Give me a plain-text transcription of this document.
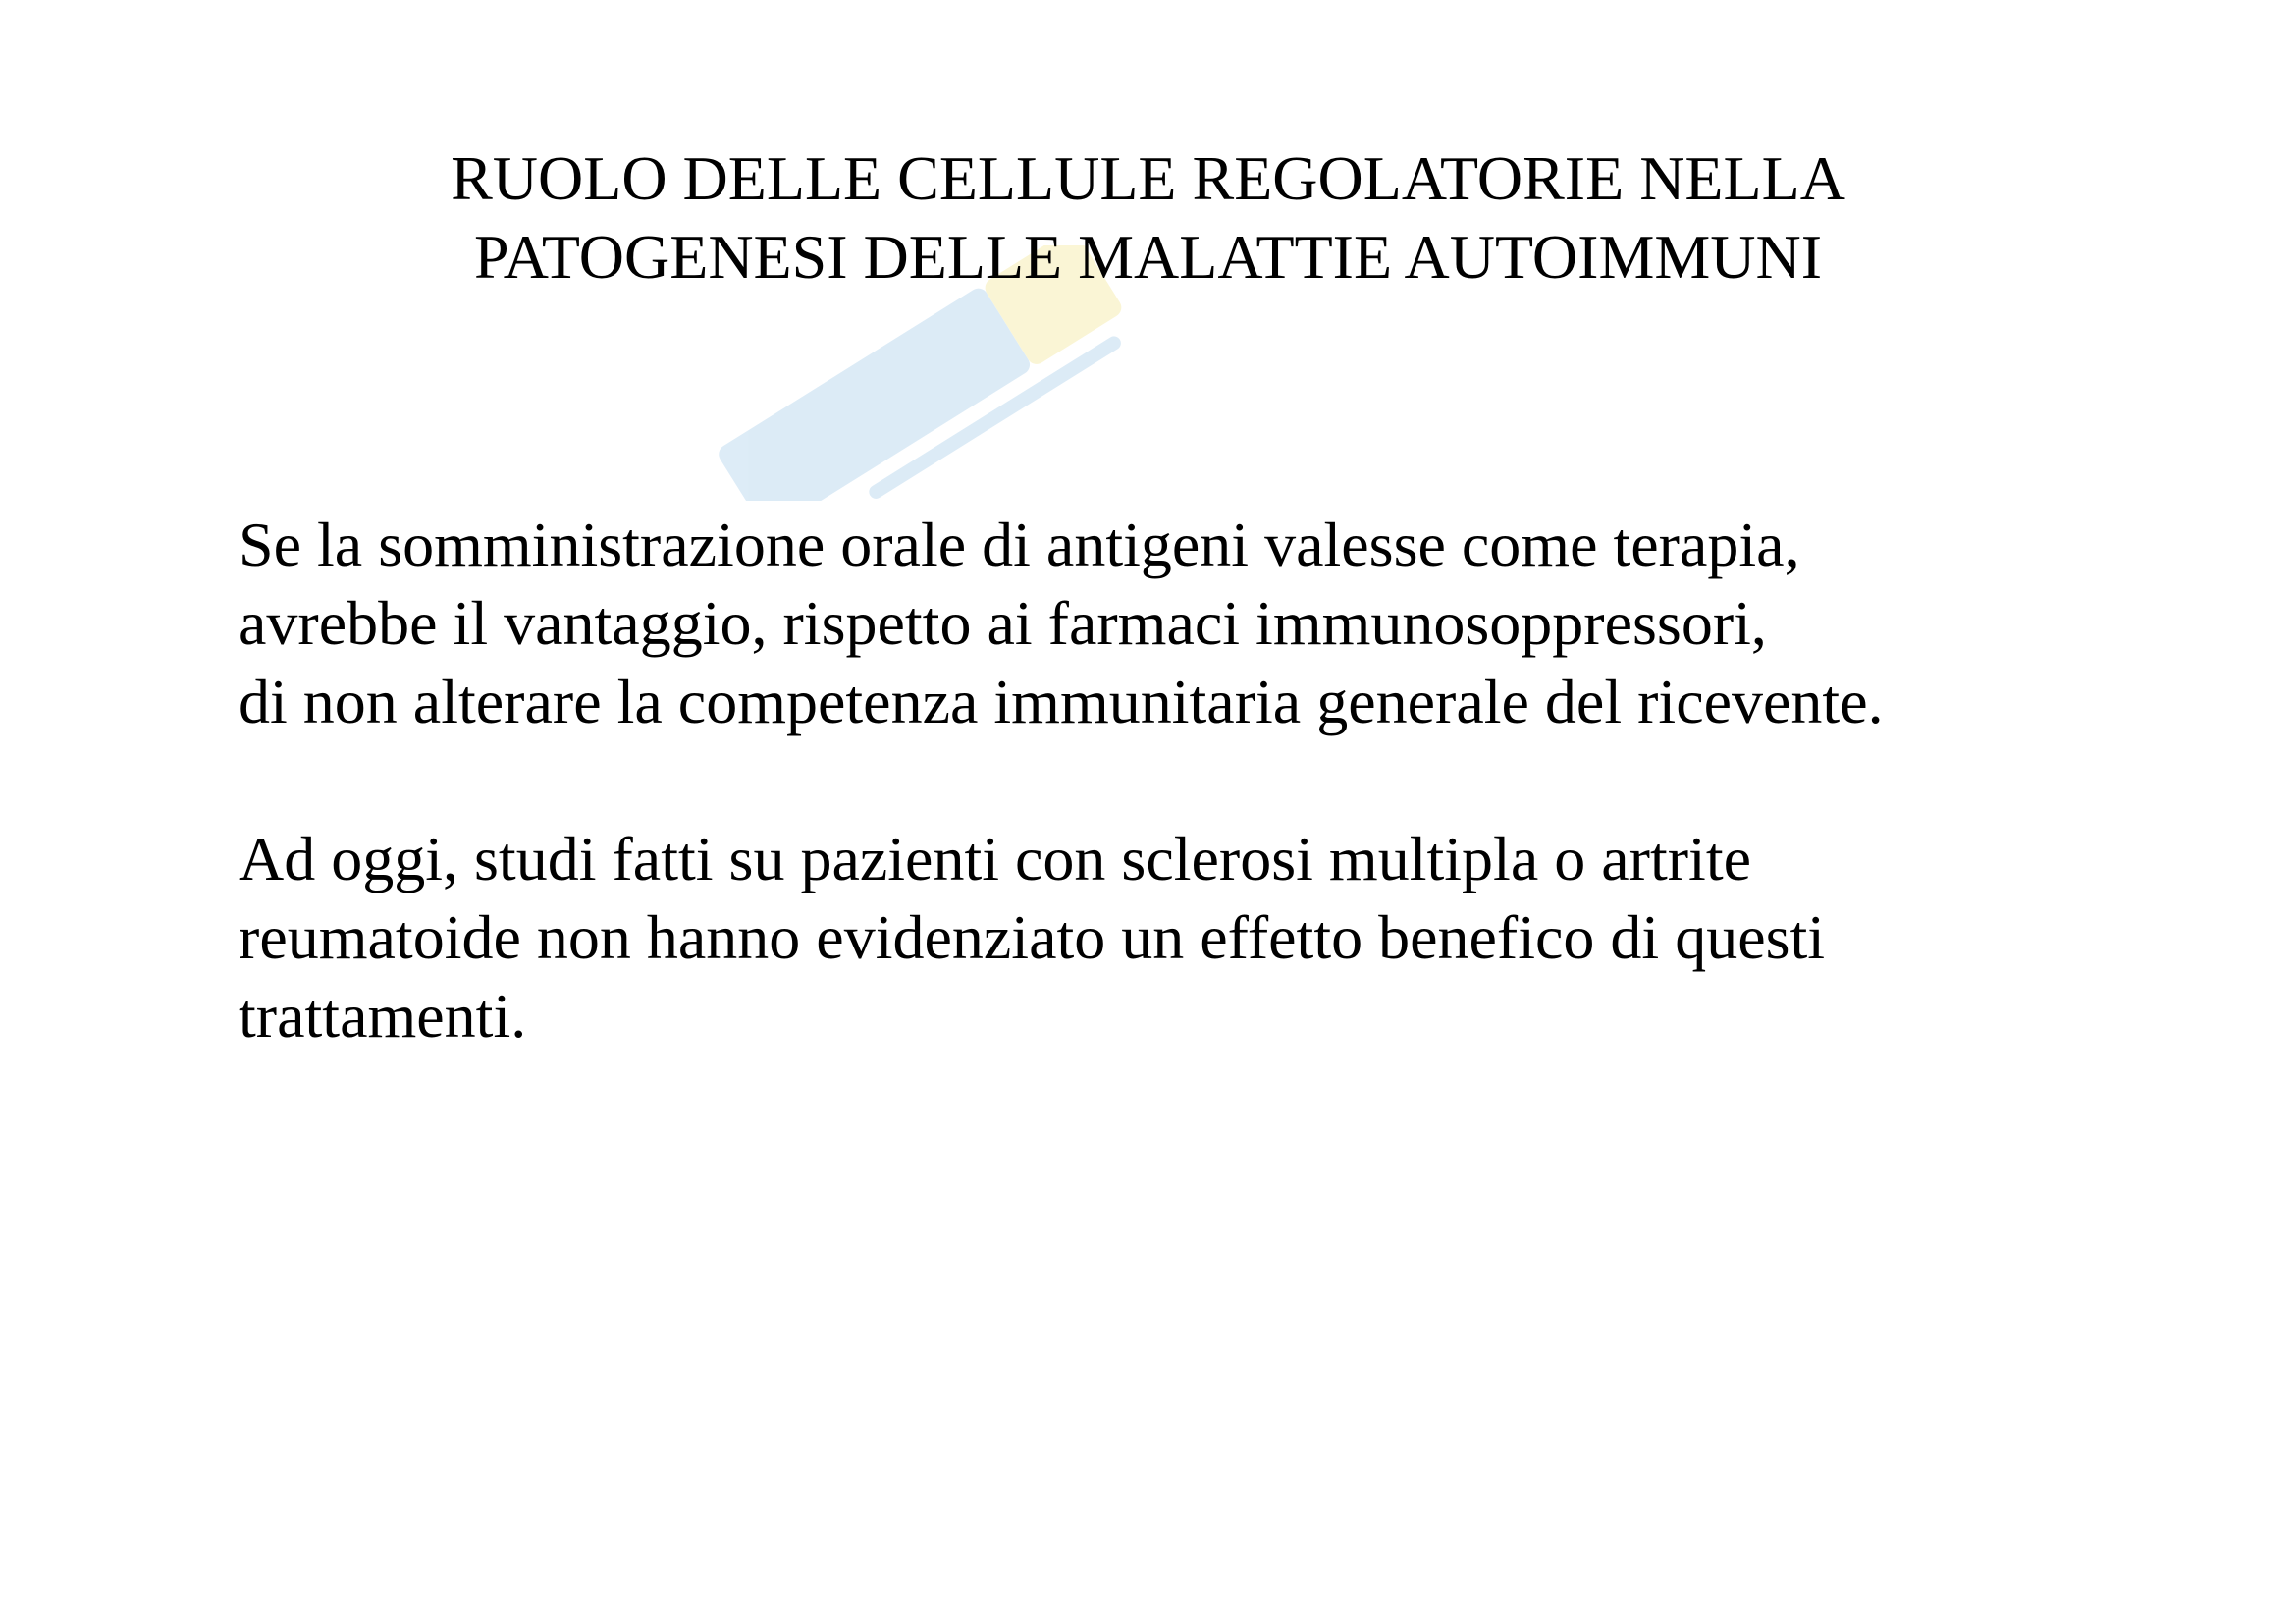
RUOLO DELLE CELLULE REGOLATORIE NELLA
PATOGENESI DELLE MALATTIE AUTOIMMUNI

Se la somministrazione orale di antigeni valesse come terapia,
avrebbe il vantaggio, rispetto ai farmaci immunosoppressori,
di non alterare la competenza immunitaria generale del ricevente.

Ad oggi, studi fatti su pazienti con sclerosi multipla o artrite
reumatoide non hanno evidenziato un effetto benefico di questi
trattamenti.
